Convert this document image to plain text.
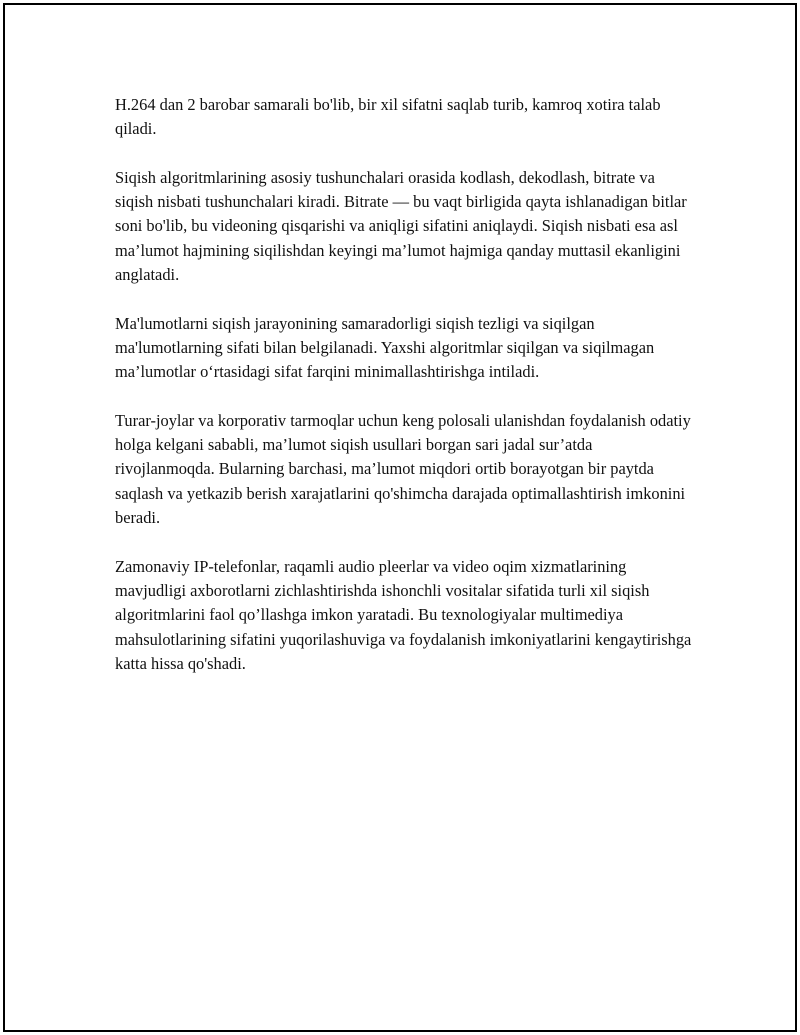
H.264 dan 2 barobar samarali bo'lib, bir xil sifatni saqlab turib, kamroq xotira talab qiladi.

Siqish algoritmlarining asosiy tushunchalari orasida kodlash, dekodlash, bitrate va siqish nisbati tushunchalari kiradi. Bitrate — bu vaqt birligida qayta ishlanadigan bitlar soni bo'lib, bu videoning qisqarishi va aniqligi sifatini aniqlaydi. Siqish nisbati esa asl ma’lumot hajmining siqilishdan keyingi ma’lumot hajmiga qanday muttasil ekanligini anglatadi.

Ma'lumotlarni siqish jarayonining samaradorligi siqish tezligi va siqilgan ma'lumotlarning sifati bilan belgilanadi. Yaxshi algoritmlar siqilgan va siqilmagan ma’lumotlar o‘rtasidagi sifat farqini minimallashtirishga intiladi.

Turar-joylar va korporativ tarmoqlar uchun keng polosali ulanishdan foydalanish odatiy holga kelgani sababli, ma’lumot siqish usullari borgan sari jadal sur’atda rivojlanmoqda. Bularning barchasi, ma’lumot miqdori ortib borayotgan bir paytda saqlash va yetkazib berish xarajatlarini qo'shimcha darajada optimallashtirish imkonini beradi.

Zamonaviy IP-telefonlar, raqamli audio pleerlar va video oqim xizmatlarining mavjudligi axborotlarni zichlashtirishda ishonchli vositalar sifatida turli xil siqish algoritmlarini faol qo’llashga imkon yaratadi. Bu texnologiyalar multimediya mahsulotlarining sifatini yuqorilashuviga va foydalanish imkoniyatlarini kengaytirishga katta hissa qo'shadi.
